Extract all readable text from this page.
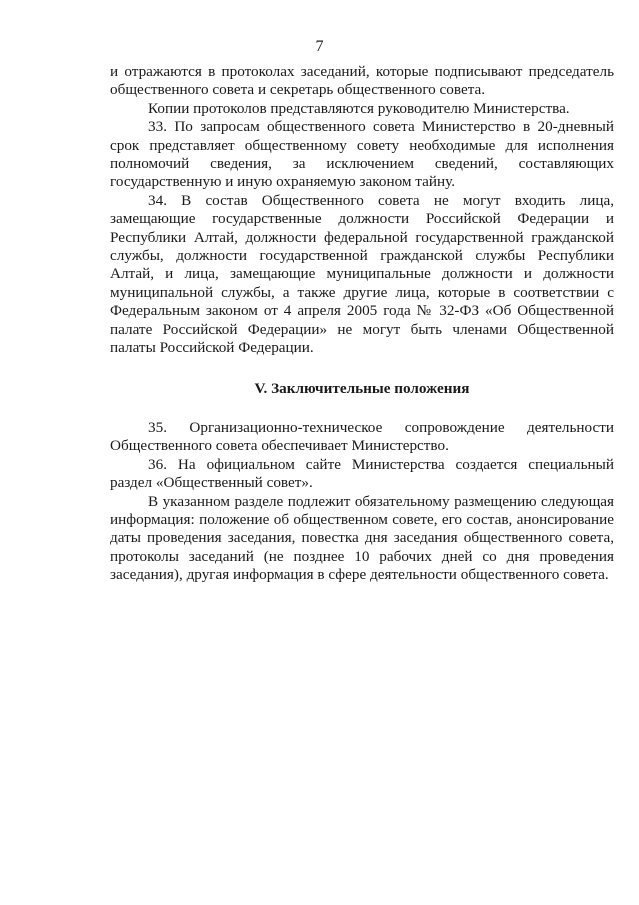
7

и отражаются в протоколах заседаний, которые подписывают председатель общественного совета и секретарь общественного совета.

Копии протоколов представляются руководителю Министерства.

33. По запросам общественного совета Министерство в 20-дневный срок представляет общественному совету необходимые для исполнения полномочий сведения, за исключением сведений, составляющих государственную и иную охраняемую законом тайну.

34. В состав Общественного совета не могут входить лица, замещающие государственные должности Российской Федерации и Республики Алтай, должности федеральной государственной гражданской службы, должности государственной гражданской службы Республики Алтай, и лица, замещающие муниципальные должности и должности муниципальной службы, а также другие лица, которые в соответствии с Федеральным законом от 4 апреля 2005 года № 32-ФЗ «Об Общественной палате Российской Федерации» не могут быть членами Общественной палаты Российской Федерации.

V. Заключительные положения

35. Организационно-техническое сопровождение деятельности Общественного совета обеспечивает Министерство.

36. На официальном сайте Министерства создается специальный раздел «Общественный совет».

В указанном разделе подлежит обязательному размещению следующая информация: положение об общественном совете, его состав, анонсирование даты проведения заседания, повестка дня заседания общественного совета, протоколы заседаний (не позднее 10 рабочих дней со дня проведения заседания), другая информация в сфере деятельности общественного совета.
